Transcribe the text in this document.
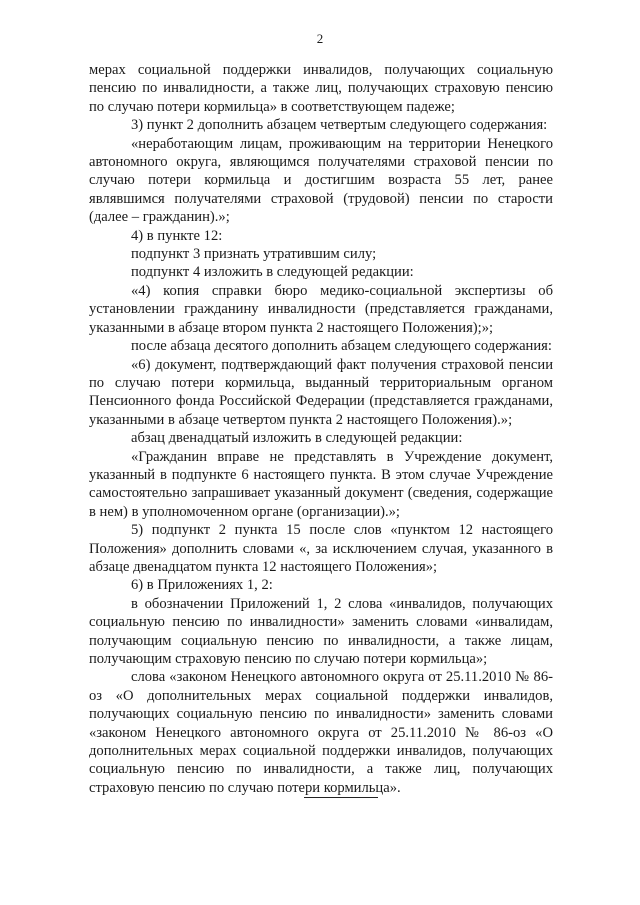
2

мерах социальной поддержки инвалидов, получающих социальную пенсию по инвалидности, а также лиц, получающих страховую пенсию по случаю потери кормильца» в соответствующем падеже;

3) пункт 2 дополнить абзацем четвертым следующего содержания:

«неработающим лицам, проживающим на территории Ненецкого автономного округа, являющимся получателями страховой пенсии по случаю потери кормильца и достигшим возраста 55 лет, ранее являвшимся получателями страховой (трудовой) пенсии по старости (далее – гражданин).»;

4) в пункте 12:

подпункт 3 признать утратившим силу;

подпункт 4 изложить в следующей редакции:

«4) копия справки бюро медико-социальной экспертизы об установлении гражданину инвалидности (представляется гражданами, указанными в абзаце втором пункта 2 настоящего Положения);»;

после абзаца десятого дополнить абзацем следующего содержания:

«6) документ, подтверждающий факт получения страховой пенсии по случаю потери кормильца, выданный территориальным органом Пенсионного фонда Российской Федерации (представляется гражданами, указанными в абзаце четвертом пункта 2 настоящего Положения).»;

абзац двенадцатый изложить в следующей редакции:

«Гражданин вправе не представлять в Учреждение документ, указанный в подпункте 6 настоящего пункта. В этом случае Учреждение самостоятельно запрашивает указанный документ (сведения, содержащие в нем) в уполномоченном органе (организации).»;

5) подпункт 2 пункта 15 после слов «пунктом 12 настоящего Положения» дополнить словами «, за исключением случая, указанного в абзаце двенадцатом пункта 12 настоящего Положения»;

6) в Приложениях 1, 2:

в обозначении Приложений 1, 2 слова «инвалидов, получающих социальную пенсию по инвалидности» заменить словами «инвалидам, получающим социальную пенсию по инвалидности, а также лицам, получающим страховую пенсию по случаю потери кормильца»;

слова «законом Ненецкого автономного округа от 25.11.2010 № 86-оз «О дополнительных мерах социальной поддержки инвалидов, получающих социальную пенсию по инвалидности» заменить словами «законом Ненецкого автономного округа от 25.11.2010 № 86-оз «О дополнительных мерах социальной поддержки инвалидов, получающих социальную пенсию по инвалидности, а также лиц, получающих страховую пенсию по случаю потери кормильца».
